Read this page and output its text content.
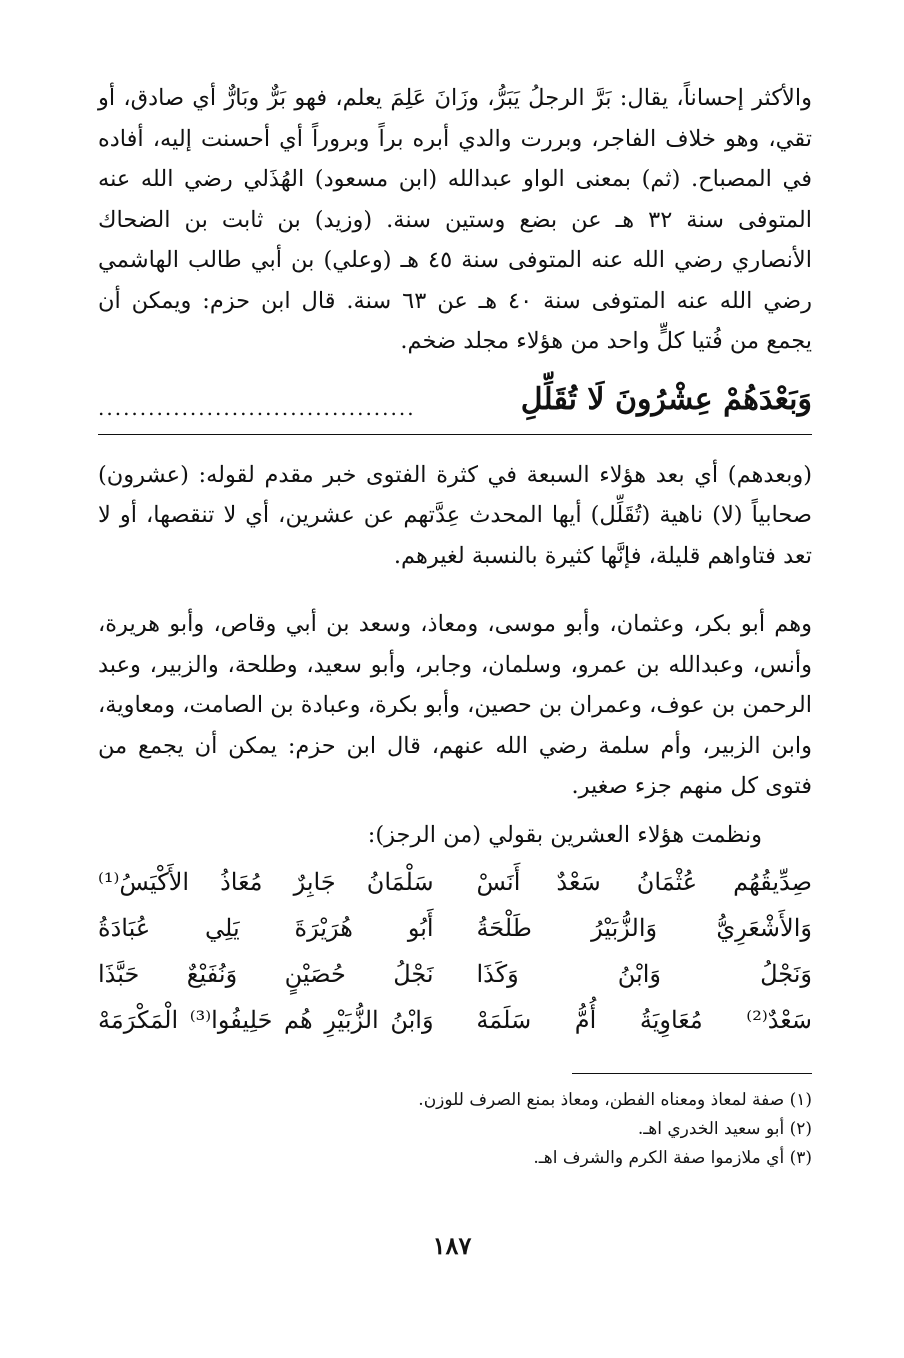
والأكثر إحساناً، يقال: بَرَّ الرجلُ يَبَرُّ، وزَانَ عَلِمَ يعلم، فهو بَرٌّ وبَارٌّ أي صادق، أو تقي، وهو خلاف الفاجر، وبررت والدي أبره براً وبروراً أي أحسنت إليه، أفاده في المصباح. (ثم) بمعنى الواو عبدالله (ابن مسعود) الهُذَلي رضي الله عنه المتوفى سنة ٣٢ هـ عن بضع وستين سنة. (وزيد) بن ثابت بن الضحاك الأنصاري رضي الله عنه المتوفى سنة ٤٥ هـ (وعلي) بن أبي طالب الهاشمي رضي الله عنه المتوفى سنة ٤٠ هـ عن ٦٣ سنة. قال ابن حزم: ويمكن أن يجمع من فُتيا كلٍّ واحد من هؤلاء مجلد ضخم.

وَبَعْدَهُمْ عِشْرُونَ لَا تُقَلِّلِ
......................................

(وبعدهم) أي بعد هؤلاء السبعة في كثرة الفتوى خبر مقدم لقوله: (عشرون) صحابياً (لا) ناهية (تُقَلِّل) أيها المحدث عِدَّتهم عن عشرين، أي لا تنقصها، أو لا تعد فتاواهم قليلة، فإنَّها كثيرة بالنسبة لغيرهم.

وهم أبو بكر، وعثمان، وأبو موسى، ومعاذ، وسعد بن أبي وقاص، وأبو هريرة، وأنس، وعبدالله بن عمرو، وسلمان، وجابر، وأبو سعيد، وطلحة، والزبير، وعبد الرحمن بن عوف، وعمران بن حصين، وأبو بكرة، وعبادة بن الصامت، ومعاوية، وابن الزبير، وأم سلمة رضي الله عنهم، قال ابن حزم: يمكن أن يجمع من فتوى كل منهم جزء صغير.

ونظمت هؤلاء العشرين بقولي (من الرجز):
صِدِّيقُهُم
عُثْمَانُ
سَعْدٌ
أَنَسْ
سَلْمَانُ
جَابِرٌ
مُعَاذُ
الأَكْيَسُ⁽¹⁾
وَالأَشْعَرِيُّ
وَالزُّبَيْرُ
طَلْحَةُ
أَبُو
هُرَيْرَةَ
يَلِي
عُبَادَةُ
وَنَجْلُ
وَابْنُ
وَكَذَا
نَجْلُ
حُصَيْنٍ
وَنُفَيْعٌ
حَبَّذَا
سَعْدٌ⁽²⁾
مُعَاوِيَةُ
أُمُّ
سَلَمَهْ
وَابْنُ
الزُّبَيْرِ
هُم
حَلِيفُوا⁽³⁾
الْمَكْرَمَهْ

(١) صفة لمعاذ ومعناه الفطن، ومعاذ بمنع الصرف للوزن.

(٢) أبو سعيد الخدري اهـ.

(٣) أي ملازموا صفة الكرم والشرف اهـ.

١٨٧
